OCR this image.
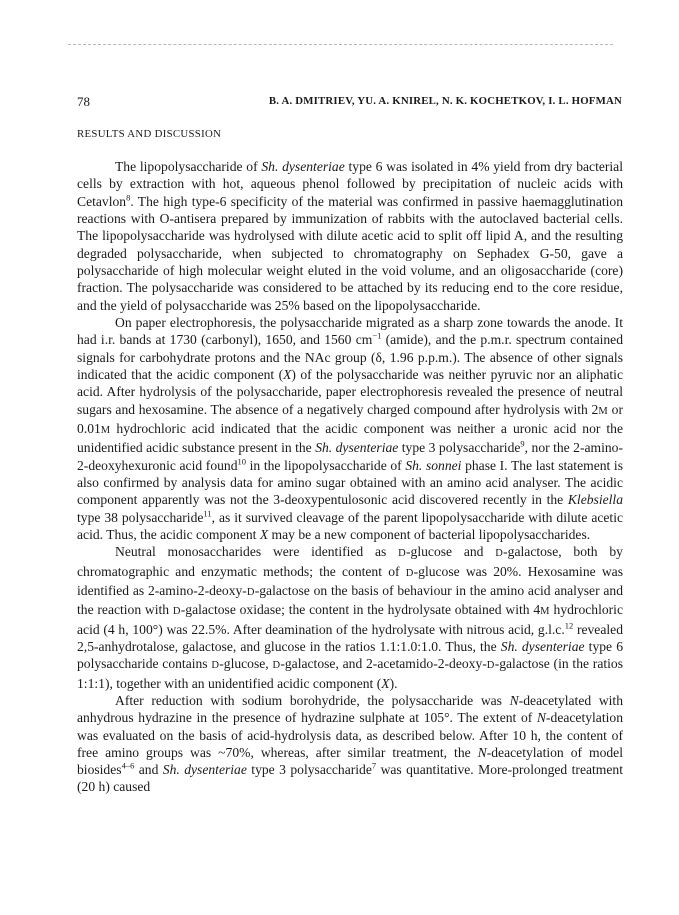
78	B. A. DMITRIEV, YU. A. KNIREL, N. K. KOCHETKOV, I. L. HOFMAN
RESULTS AND DISCUSSION

The lipopolysaccharide of Sh. dysenteriae type 6 was isolated in 4% yield from dry bacterial cells by extraction with hot, aqueous phenol followed by precipitation of nucleic acids with Cetavlon$^8$. The high type-6 specificity of the material was confirmed in passive haemagglutination reactions with O-antisera prepared by immunization of rabbits with the autoclaved bacterial cells. The lipopolysaccharide was hydrolysed with dilute acetic acid to split off lipid A, and the resulting degraded polysaccharide, when subjected to chromatography on Sephadex G-50, gave a polysaccharide of high molecular weight eluted in the void volume, and an oligosaccharide (core) fraction. The polysaccharide was considered to be attached by its reducing end to the core residue, and the yield of polysaccharide was 25% based on the lipopolysaccharide.

On paper electrophoresis, the polysaccharide migrated as a sharp zone towards the anode. It had i.r. bands at 1730 (carbonyl), 1650, and 1560 $cm^{-1}$ (amide), and the p.m.r. spectrum contained signals for carbohydrate protons and the NAc group (δ, 1.96 p.p.m.). The absence of other signals indicated that the acidic component (X) of the polysaccharide was neither pyruvic nor an aliphatic acid. After hydrolysis of the polysaccharide, paper electrophoresis revealed the presence of neutral sugars and hexosamine. The absence of a negatively charged compound after hydrolysis with 2M or 0.01M hydrochloric acid indicated that the acidic component was neither a uronic acid nor the unidentified acidic substance present in the Sh. dysenteriae type 3 polysaccharide$^9$, nor the 2-amino-2-deoxyhexuronic acid found$^{10}$ in the lipopolysaccharide of Sh. sonnei phase I. The last statement is also confirmed by analysis data for amino sugar obtained with an amino acid analyser. The acidic component apparently was not the 3-deoxypentulosonic acid discovered recently in the Klebsiella type 38 polysaccharide$^{11}$, as it survived cleavage of the parent lipopolysaccharide with dilute acetic acid. Thus, the acidic component X may be a new component of bacterial lipopolysaccharides.

Neutral monosaccharides were identified as D-glucose and D-galactose, both by chromatographic and enzymatic methods; the content of D-glucose was 20%. Hexosamine was identified as 2-amino-2-deoxy-D-galactose on the basis of behaviour in the amino acid analyser and the reaction with D-galactose oxidase; the content in the hydrolysate obtained with 4M hydrochloric acid (4 h, 100°) was 22.5%. After deamination of the hydrolysate with nitrous acid, g.l.c.$^{12}$ revealed 2,5-anhydrotalose, galactose, and glucose in the ratios 1.1:1.0:1.0. Thus, the Sh. dysenteriae type 6 polysaccharide contains D-glucose, D-galactose, and 2-acetamido-2-deoxy-D-galactose (in the ratios 1:1:1), together with an unidentified acidic component (X).

After reduction with sodium borohydride, the polysaccharide was N-deacetylated with anhydrous hydrazine in the presence of hydrazine sulphate at 105°. The extent of N-deacetylation was evaluated on the basis of acid-hydrolysis data, as described below. After 10 h, the content of free amino groups was ~70%, whereas, after similar treatment, the N-deacetylation of model biosides$^{4-6}$ and Sh. dysenteriae type 3 polysaccharide$^7$ was quantitative. More-prolonged treatment (20 h) caused
